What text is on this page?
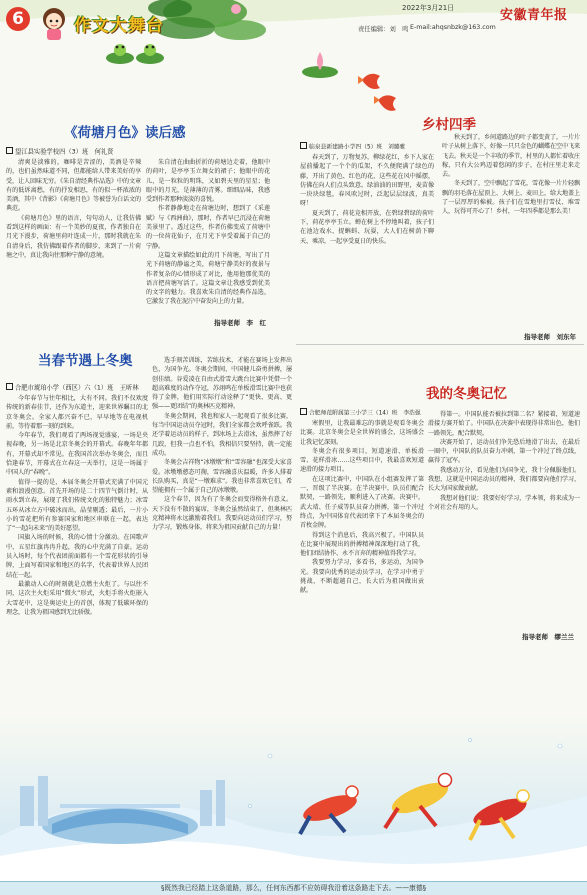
6	作文大舞台
2022年3月21日	安徽青年报
责任编辑：刘　鸣 E-mail:ahqsnbzk@163.com
《荷塘月色》读后感
望江县实验学校四（3）班　何礼贤

清爽是淡雅的，咖啡是苦涩的，美酒是辛辣的，也们虽然味道不同，但都能给人带来美好的享受，让人回味无穷。《朱自清经典作品选》中的文章有的低诉离愁，有的抒发相思，有的似一杯浓浓的美酒，其中《背影》《荷塘月色》等被誉为白话文的典范。

《荷塘月色》里的语言，句句动人，让我仿佛看到这样的画面：有一个美妙的夏夜，作者独自在月光下漫步，荷塘里荷叶连成一片，那时我就在朱自清身后，我仿佛跟着作者的脚步，来到了一片荷塘之中，真让我向往那种宁静的意境。

朱自清在曲曲折折的荷塘边走着，他眼中的荷叶，是亭亭玉立舞女的裙子；他眼中的花儿，是一粒粒的明珠，又如碧天里的星星；他眼中的月光，是薄薄的青雾。细细品味，我感受到作者那种淡淡的喜悦。

作者静静地走在荷塘边时，想到了《采莲赋》与《西洲曲》，那时，作者早已沉浸在荷塘美景里了。透过这些，作者仿佛变成了荷塘中的一位荷花仙子，在月光下享受着属于自己的宁静。

这篇文章描绘如此的月下荷塘，写出了月光下荷塘的静谧之美，荷塘宁静美好的夜景与作者复杂的心情形成了对比，他用他那优美的语言把荷塘写活了。这篇文章让我感受到优美的文字的魅力。我喜欢朱自清的经典作品选，它激发了我在泥泞中奋发向上的力量。

指导老师　李　红
乡村四季
临泉县新建路小学四（5）班　刘璐雅

春天到了，万物复苏，柳绿花红，乡下人家在屋前播起了一个个的瓜架，不久便爬满了绿色的藤，开出了黄色、红色的花，这些花在风中摇摆，仿佛在向人们点头致意。绿油油的田野里，麦苗像一块块绿毯，春风吹过时，泛起层层绿波，真美呀！

夏天到了，荷花竞相开放，在碧绿碧绿的荷叶下，荷花亭亭玉立。蝉在树上不停地叫着，孩子们在池边戏水、捉蝌蚪、玩耍，大人们在树荫下聊天、乘凉，一起享受夏日的快乐。

秋天到了，乡间道路边的叶子都变黄了，一片片叶子从树上落下，好像一只只金色的蝴蝶在空中飞来飞去。秋天是一个丰收的季节，村里的人都忙着收庄稼，只有大公鸡迈着悠闲的步子，在村庄里走来走去。

冬天到了，空中飘起了雪花，雪花像一片片轻飘飘的羽毛落在屋顶上、大树上、麦田上，给大地盖上了一层厚厚的棉被。孩子们在雪地里打雪仗、堆雪人，玩得可开心了！乡村，一年四季都是那么美！

指导老师　刘东年
当春节遇上冬奥
合肥市琥珀小学（西区）六（1）班　王昕林

今年春节与往年相比，大有不同。我们不仅欢度传统的新春佳节，还作为东道主，迎来世界瞩目的北京冬奥会。全家人都兴奋不已，早早地等在电视机前，等待着那一刻的到来。

今年春节，我们观看了两场视觉盛宴，一场是央视春晚，另一场是北京冬奥会的开幕式。春晚年年都有，开幕式却不常见。在我国首次举办冬奥会，而且恰逢春节，开幕式在立春这一天举行，这是一场属于中国人的“春晚”。

值得一提的是，本届冬奥会开幕式充满了中国元素和浪漫创意。首先开场的是二十四节气倒计时，从雨水到立春，展现了我们传统文化的独特魅力；冰雪五环从冰立方中破冰而出，晶莹剔透；最后，一片小小的雪花把所有参赛国家和地区串联在一起，表达了“一起向未来”的美好愿望。

国旗入场的时候，我的心情十分激动。在国歌声中，五星红旗冉冉升起，我的心中充满了自豪。运动员入场时，每个代表团前面都有一个雪花形状的引导牌，上面写着国家和地区的名字，代表着世界人民团结在一起。

最激动人心的时刻就是点燃主火炬了。与以往不同，这次主火炬采用“微火”形式，火炬手将火炬嵌入大雪花中，这是奥运史上的首创，体现了低碳环保的理念，让我为祖国感到无比骄傲。

选手刻苦训练，苦练技术，才能在赛场上发挥出色，为国争光。冬奥会期间，中国健儿奋勇拼搏，屡创佳绩。谷爱凌在自由式滑雪大跳台比赛中凭借一个超高难度的动作夺冠，苏翊鸣在单板滑雪比赛中也获得了金牌，他们用实际行动诠释了“更快、更高、更强——更团结”的奥林匹克精神。

冬奥会期间，我也和家人一起观看了很多比赛，每当中国运动员夺冠时，我们全家都会欢呼雀跃。我还学着运动员的样子，到冰场上去滑冰，虽然摔了好几跤，但我一点也不怕，我相信只要坚持，就一定能成功。

冬奥会吉祥物“冰墩墩”和“雪容融”也深受大家喜爱。冰墩墩憨态可掬，雪容融喜庆温暖，许多人排着长队购买，真是“一墩难求”。我也非常喜欢它们，希望能拥有一个属于自己的冰墩墩。

这个春节，因为有了冬奥会而变得格外有意义。天下没有不散的宴席，冬奥会虽然结束了，但奥林匹克精神将永远激励着我们。我要向运动员们学习，努力学习，锻炼身体，将来为祖国贡献自己的力量！

我的冬奥记忆
合肥师范附属第三小学三（14）班　李浩强

寒假里，让我最难忘的事就是观看冬奥会比赛。北京冬奥会是全世界的盛会，这场盛会让我记忆深刻。

冬奥会有很多项目，短道速滑、单板滑雪、花样滑冰……这些项目中，我最喜欢短道速滑的接力项目。

在这项比赛中，中国队在小组赛发挥了第一，晋级了半决赛。在半决赛中，队员们配合默契，一路领先，顺利进入了决赛。决赛中，武大靖、任子威等队员奋力拼搏，第一个冲过终点，为中国体育代表团拿下了本届冬奥会的首枚金牌。

得到这个消息后，我高兴极了。中国队员在比赛中展现出的拼搏精神深深地打动了我，他们团结协作、永不言弃的精神值得我学习。

我要努力学习，多看书，多运动，为国争光。我要向优秀的运动员学习，在学习中勇于挑战，不断超越自己，长大后为祖国做出贡献。

得第一。中国队能否被拉到第二名？紧接着，短道速滑接力赛开始了。中国队在决赛中表现得非常出色，他们一路领先，配合默契。

决赛开始了，运动员们争先恐后地滑了出去，在最后一圈中，中国队的队员奋力冲刺，第一个冲过了终点线，赢得了冠军。

我感动万分，看见他们为国争光，我十分佩服他们。我想，这就是中国运动员的精神，我们都要向他们学习，长大为国家做贡献。

我想对他们说：我要好好学习，学本领，将来成为一个对社会有用的人。

指导老师　缪兰兰
§既然我已经踏上这条道路，那么，任何东西都不应妨碍我沿着这条路走下去。——康德§
